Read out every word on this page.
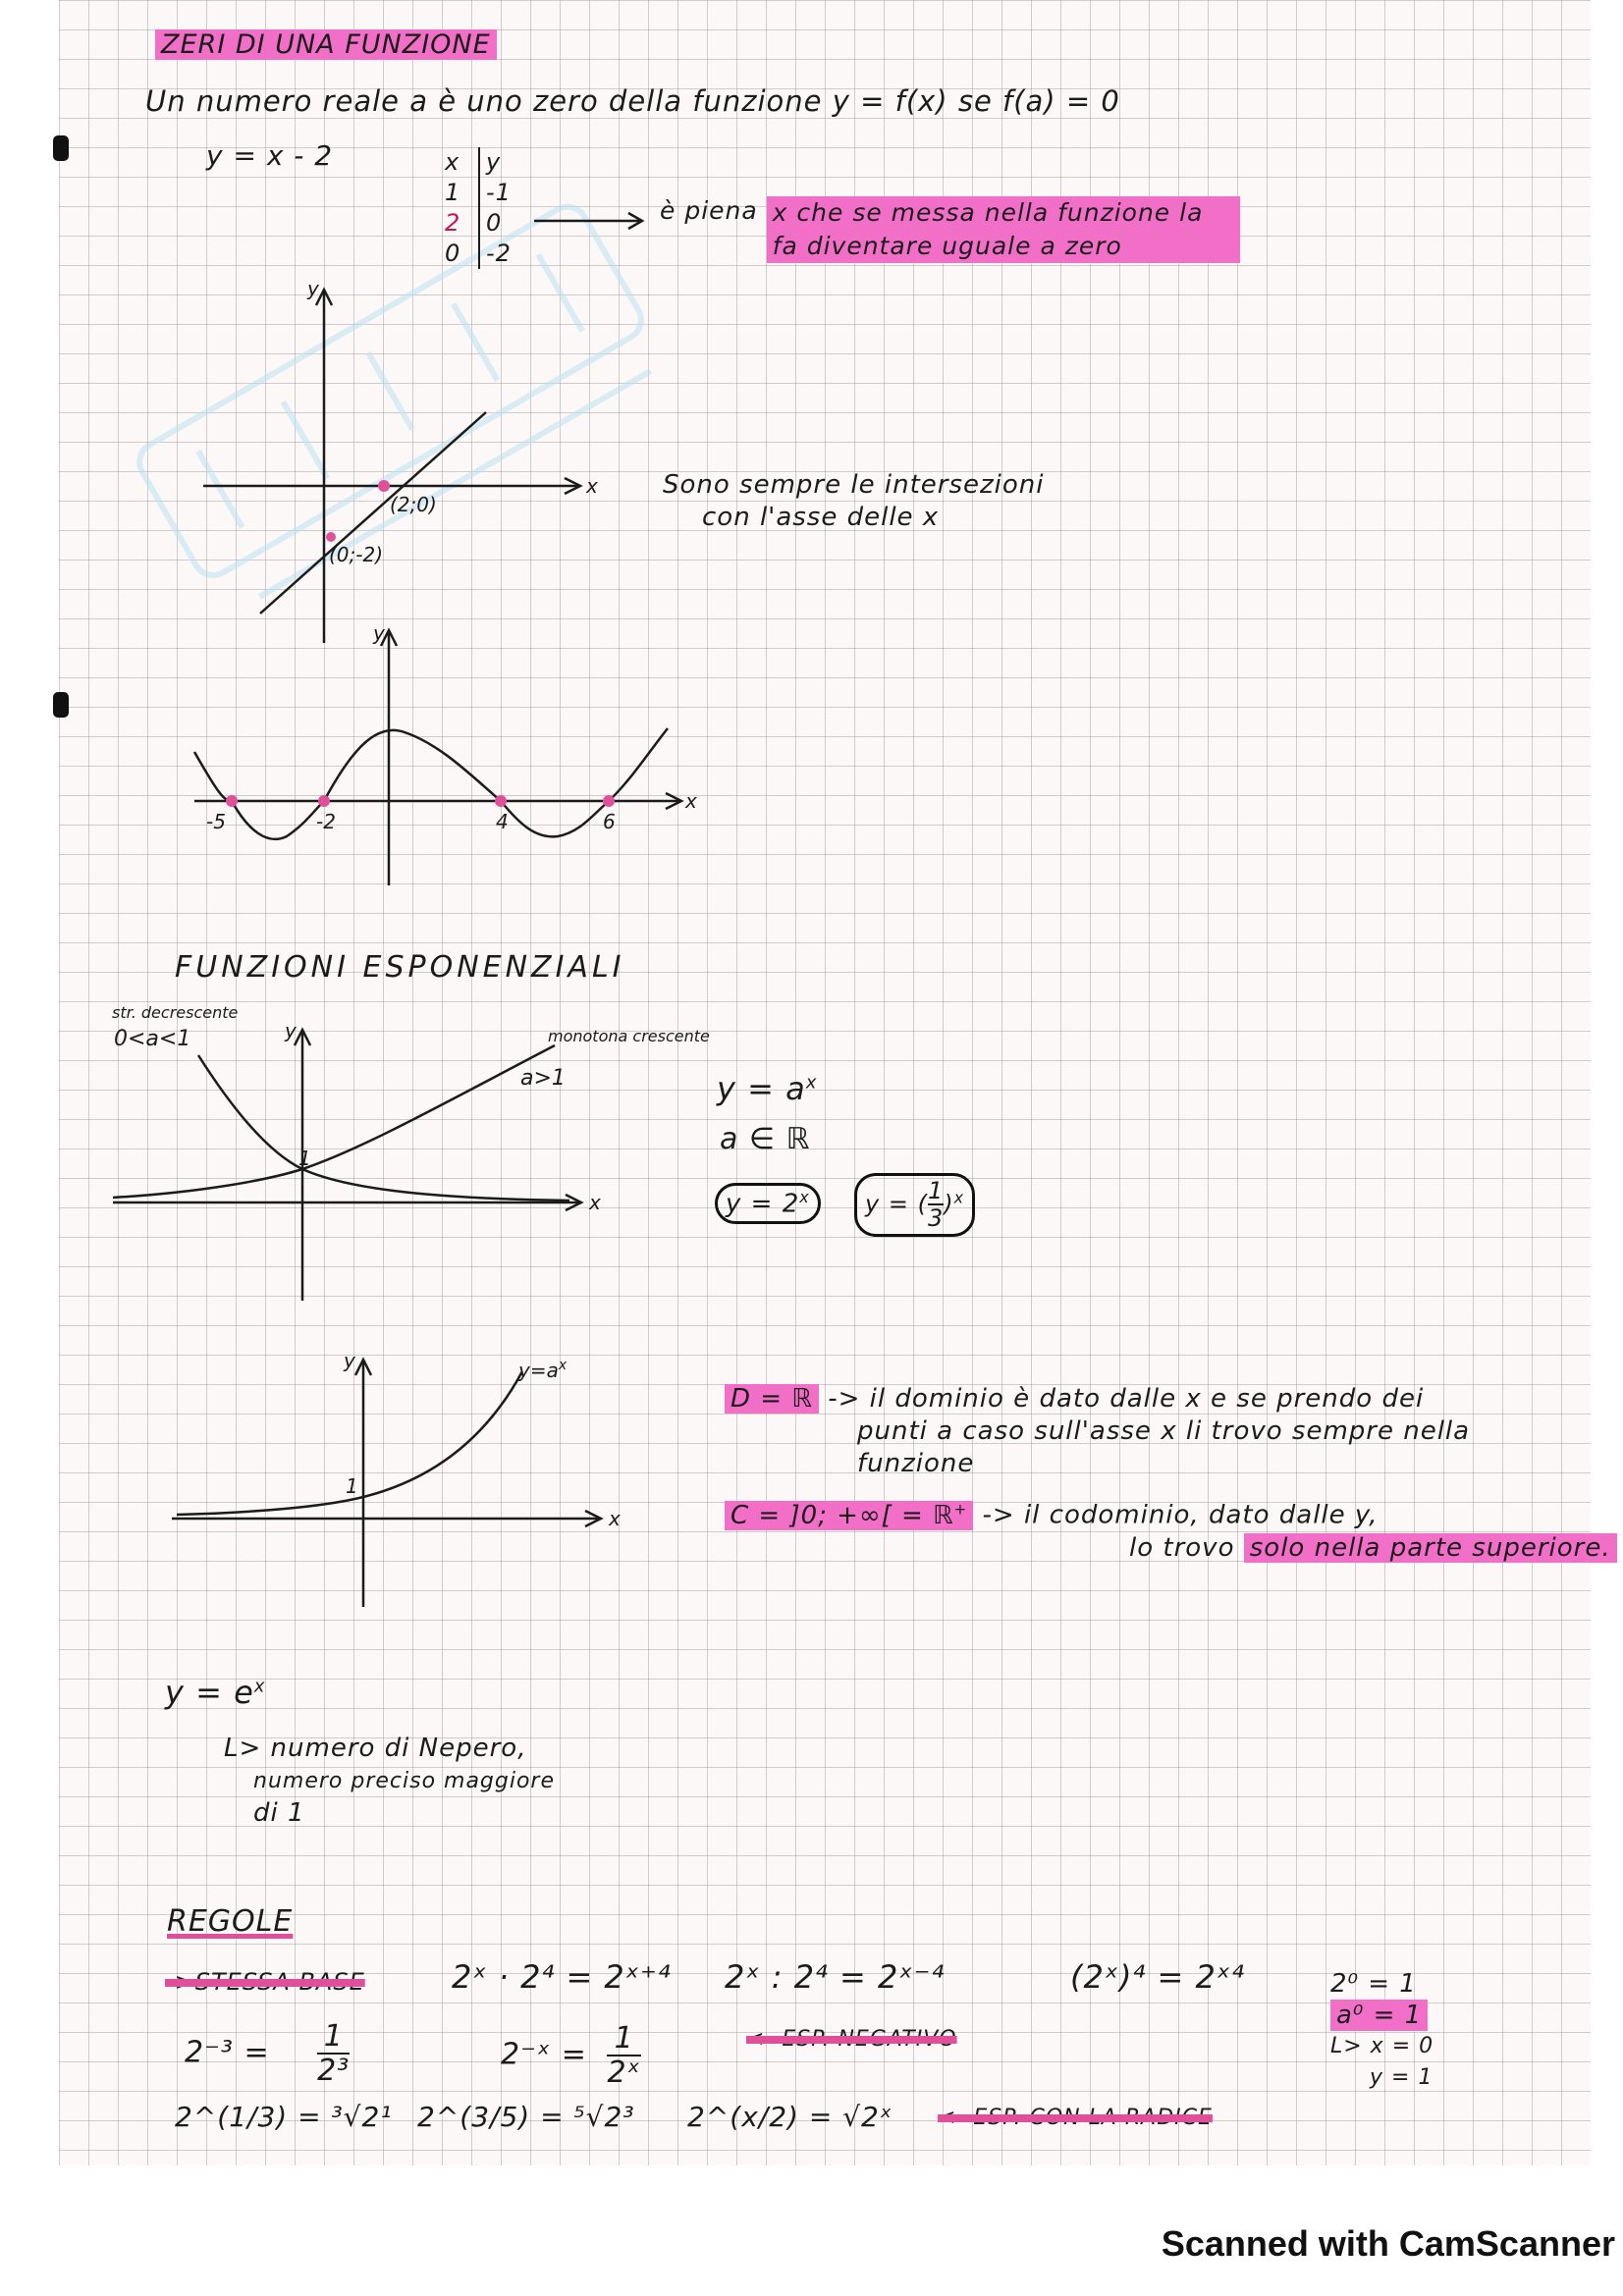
ZERI DI UNA FUNZIONE
Un numero reale a è uno zero della funzione y = f(x) se f(a) = 0
y = x - 2	x	y
1	-1
2	0
0	-2
è piena x che se messa nella funzione la fa diventare uguale a zero
y
x
(2;0)
(0;-2)
Sono sempre le intersezioni
con l'asse delle x
y
x
-5	-2	4	6
FUNZIONI ESPONENZIALI
str. decrescente
0<a<1	monotona crescente
a>1
y
x
1
$y = a^x$
a ∈ ℝ
$y = 2^x$	y = ( $\frac{1}{3} )^x$
y
x
1
$y=a^x$
D = ℝ -> il dominio è dato dalle x e se prendo dei
punti a caso sull'asse x li trovo sempre nella
funzione
C = ]0; +∞[ = ℝ+ -> il codominio, dato dalle y,
lo trovo solo nella parte superiore.
$y = e^x$
L> numero di Nepero,
numero preciso maggiore
di 1
REGOLE
->STESSA BASE	2ˣ · 2⁴ = 2ˣ⁺⁴ 2ˣ : 2⁴ = 2ˣ⁻⁴	(2ˣ)⁴ = 2ˣ⁴	2⁰ = 1
a⁰ = 1
L> x = 0
y = 1
$2^{-3} = \frac{1}{\text{2³}}$	2⁻ˣ = $\frac{1}{\text{2ˣ}}$	<- ESP. NEGATIVO
2^(1/3) = ³√2¹ 2^(3/5) = ⁵√2³ 2^(x/2) = √2ˣ <- ESP. CON LA RADICE
Scanned with CamScanner
